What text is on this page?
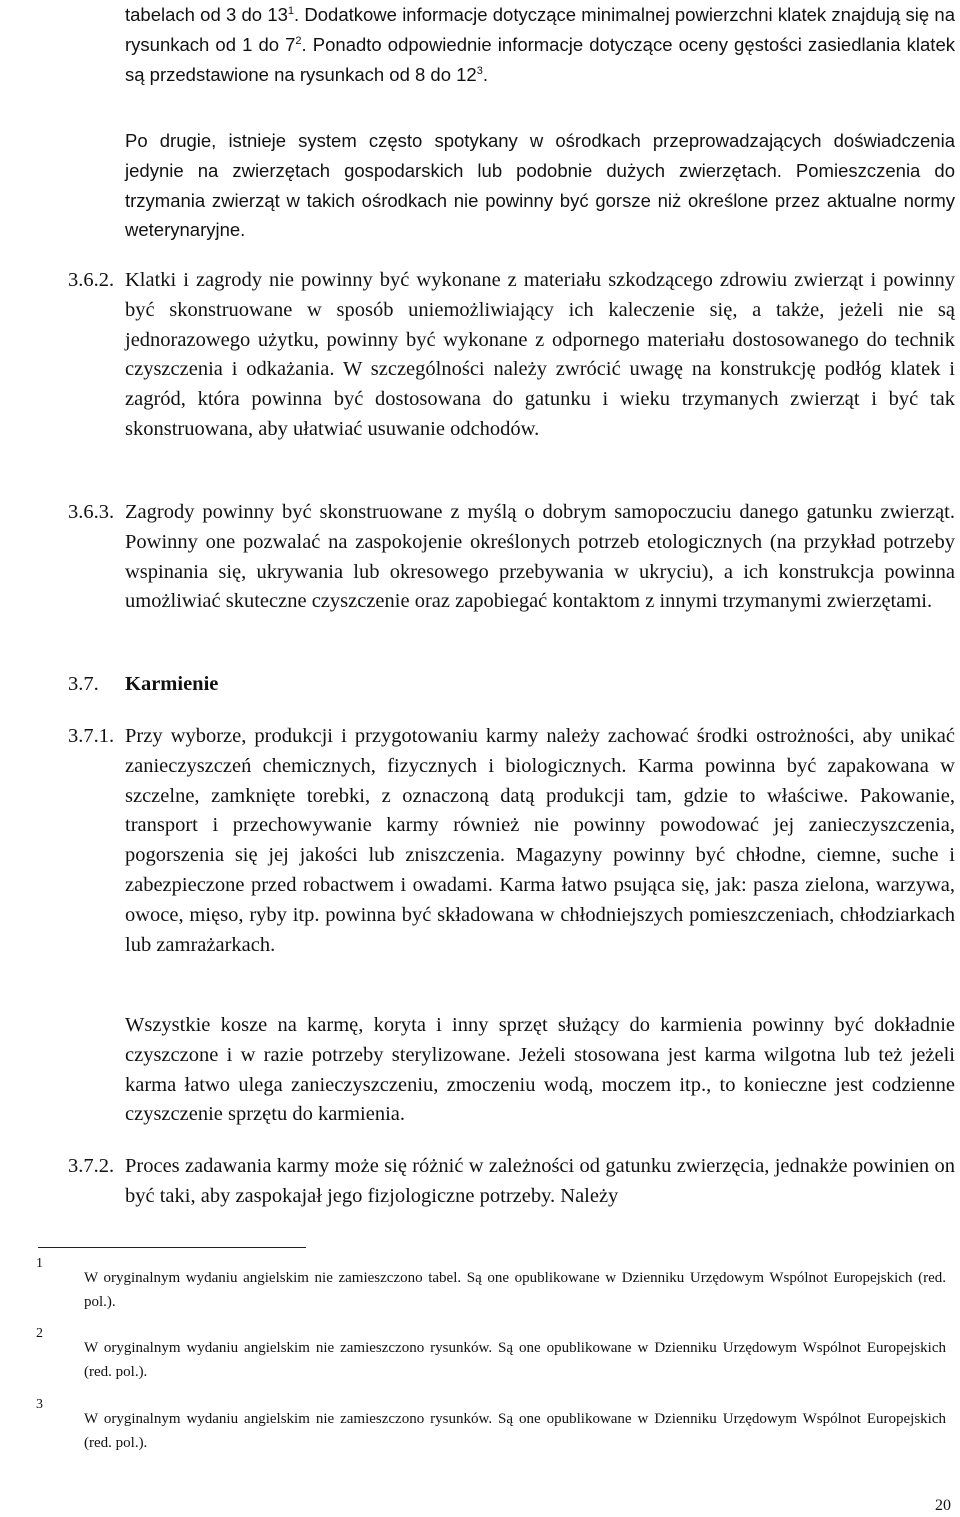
tabelach od 3 do $13^1$. Dodatkowe informacje dotyczące minimalnej powierzchni klatek znajdują się na rysunkach od 1 do $7^2$. Ponadto odpowiednie informacje dotyczące oceny gęstości zasiedlania klatek są przedstawione na rysunkach od 8 do $12^3$.

Po drugie, istnieje system często spotykany w ośrodkach przeprowadzających doświadczenia jedynie na zwierzętach gospodarskich lub podobnie dużych zwierzętach. Pomieszczenia do trzymania zwierząt w takich ośrodkach nie powinny być gorsze niż określone przez aktualne normy weterynaryjne.

3.6.2. Klatki i zagrody nie powinny być wykonane z materiału szkodzącego zdrowiu zwierząt i powinny być skonstruowane w sposób uniemożliwiający ich kaleczenie się, a także, jeżeli nie są jednorazowego użytku, powinny być wykonane z odpornego materiału dostosowanego do technik czyszczenia i odkażania. W szczególności należy zwrócić uwagę na konstrukcję podłóg klatek i zagród, która powinna być dostosowana do gatunku i wieku trzymanych zwierząt i być tak skonstruowana, aby ułatwiać usuwanie odchodów.

3.6.3. Zagrody powinny być skonstruowane z myślą o dobrym samopoczuciu danego gatunku zwierząt. Powinny one pozwalać na zaspokojenie określonych potrzeb etologicznych (na przykład potrzeby wspinania się, ukrywania lub okresowego przebywania w ukryciu), a ich konstrukcja powinna umożliwiać skuteczne czyszczenie oraz zapobiegać kontaktom z innymi trzymanymi zwierzętami.

3.7. Karmienie

3.7.1. Przy wyborze, produkcji i przygotowaniu karmy należy zachować środki ostrożności, aby unikać zanieczyszczeń chemicznych, fizycznych i biologicznych. Karma powinna być zapakowana w szczelne, zamknięte torebki, z oznaczoną datą produkcji tam, gdzie to właściwe. Pakowanie, transport i przechowywanie karmy również nie powinny powodować jej zanieczyszczenia, pogorszenia się jej jakości lub zniszczenia. Magazyny powinny być chłodne, ciemne, suche i zabezpieczone przed robactwem i owadami. Karma łatwo psująca się, jak: pasza zielona, warzywa, owoce, mięso, ryby itp. powinna być składowana w chłodniejszych pomieszczeniach, chłodziarkach lub zamrażarkach.

Wszystkie kosze na karmę, koryta i inny sprzęt służący do karmienia powinny być dokładnie czyszczone i w razie potrzeby sterylizowane. Jeżeli stosowana jest karma wilgotna lub też jeżeli karma łatwo ulega zanieczyszczeniu, zmoczeniu wodą, moczem itp., to konieczne jest codzienne czyszczenie sprzętu do karmienia.

3.7.2. Proces zadawania karmy może się różnić w zależności od gatunku zwierzęcia, jednakże powinien on być taki, aby zaspokajał jego fizjologiczne potrzeby. Należy

1
W oryginalnym wydaniu angielskim nie zamieszczono tabel. Są one opublikowane w Dzienniku Urzędowym Wspólnot Europejskich (red. pol.).
2
W oryginalnym wydaniu angielskim nie zamieszczono rysunków. Są one opublikowane w Dzienniku Urzędowym Wspólnot Europejskich (red. pol.).
3
W oryginalnym wydaniu angielskim nie zamieszczono rysunków. Są one opublikowane w Dzienniku Urzędowym Wspólnot Europejskich (red. pol.).
20
